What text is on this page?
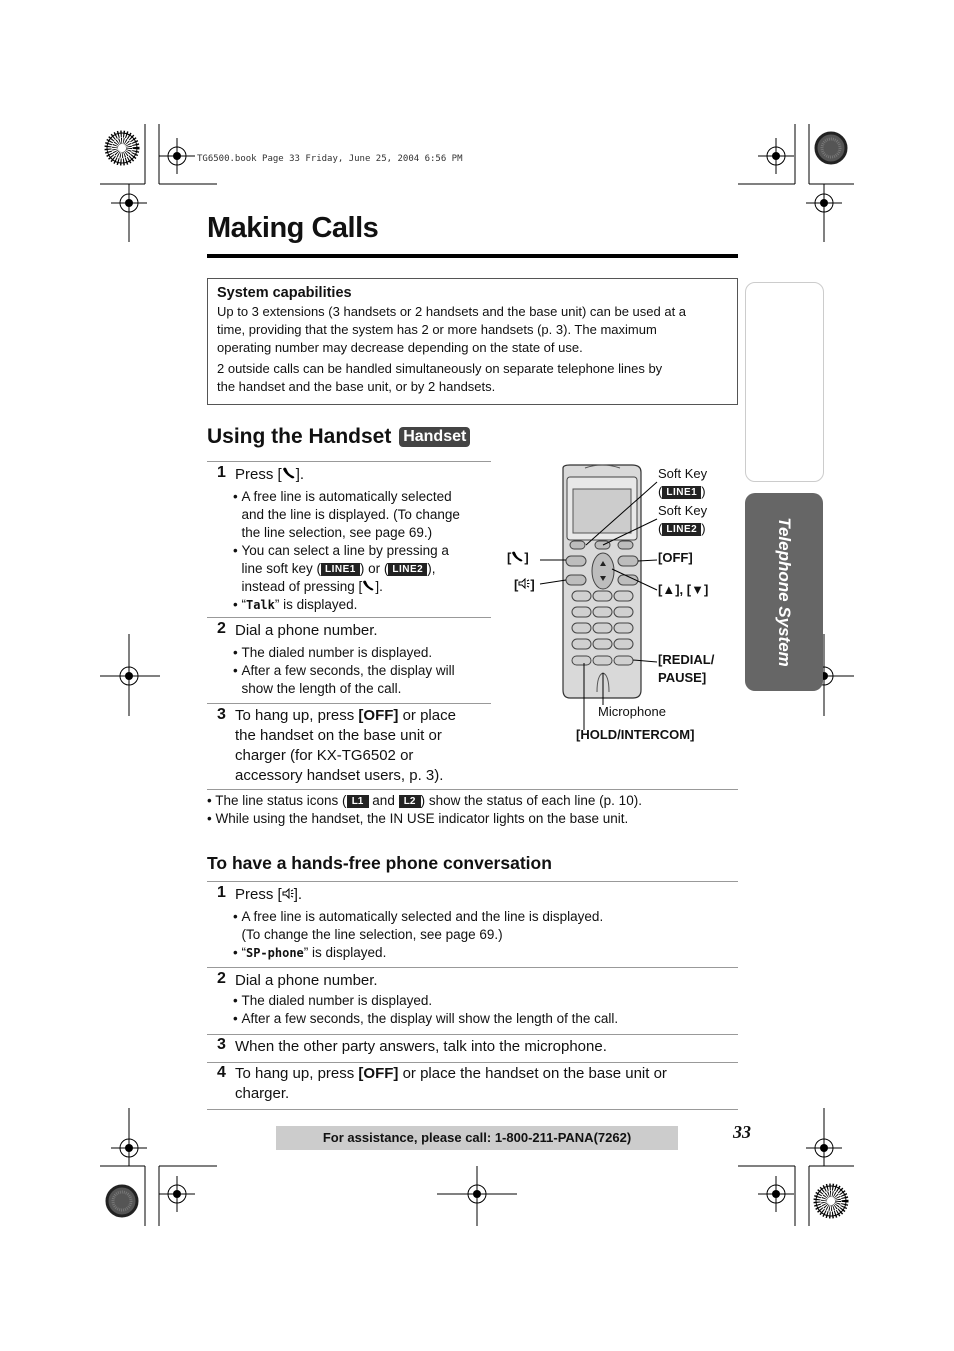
TG6500.book Page 33 Friday, June 25, 2004 6:56 PM
Making Calls
System capabilities

Up to 3 extensions (3 handsets or 2 handsets and the base unit) can be used at a
time, providing that the system has 2 or more handsets (p. 3). The maximum
operating number may decrease depending on the state of use.

2 outside calls can be handled simultaneously on separate telephone lines by
the handset and the base unit, or by 2 handsets.

Telephone System
Using the Handset Handset
1 Press [ ].
• A free line is automatically selected
and the line is displayed. (To change
the line selection, see page 69.)
• You can select a line by pressing a
line soft key ( LINE1 ) or ( LINE2 ),
instead of pressing [ ].
• “Talk” is displayed.
2 Dial a phone number.
• The dialed number is displayed.
• After a few seconds, the display will
show the length of the call.
3 To hang up, press [OFF] or place
the handset on the base unit or
charger (for KX-TG6502 or
accessory handset users, p. 3).
Soft Key
( LINE1 )
Soft Key
( LINE2 )
[ ]	[OFF]
[ ]	[▲], [▼]
[REDIAL/
PAUSE]
Microphone
[HOLD/INTERCOM]
• The line status icons ( L1 and L2 ) show the status of each line (p. 10).
• While using the handset, the IN USE indicator lights on the base unit.
To have a hands-free phone conversation
1 Press [ ].
• A free line is automatically selected and the line is displayed.
(To change the line selection, see page 69.)
• “SP-phone” is displayed.
2 Dial a phone number.
• The dialed number is displayed.
• After a few seconds, the display will show the length of the call.
3 When the other party answers, talk into the microphone.
4 To hang up, press [OFF] or place the handset on the base unit or
charger.
For assistance, please call: 1-800-211-PANA(7262)	33
